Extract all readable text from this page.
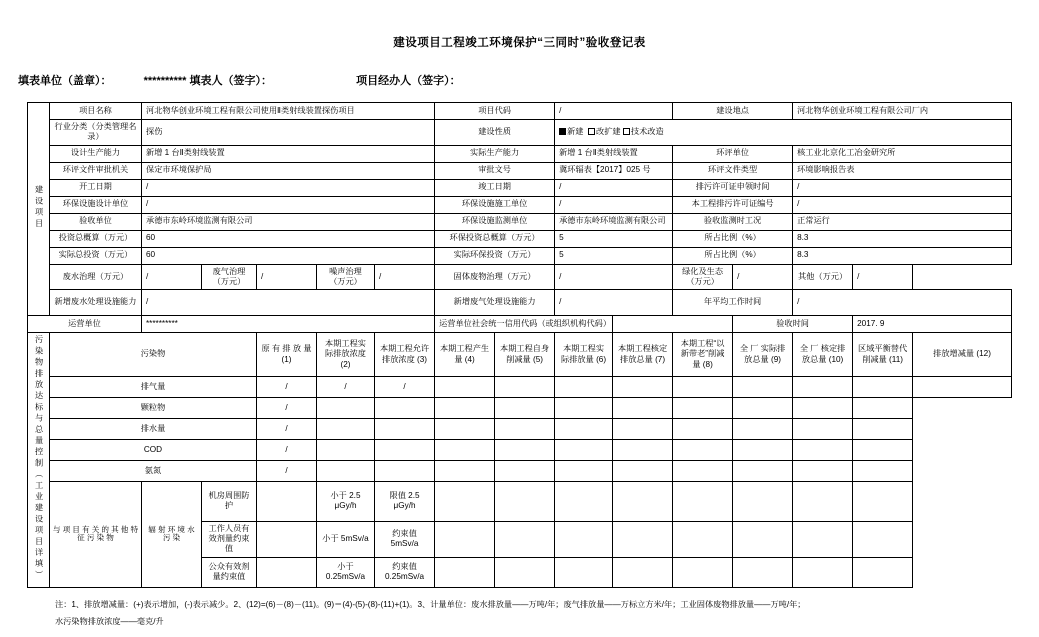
建设项目工程竣工环境保护“三同时”验收登记表
填表单位（盖章）：	********** 填表人（签字）：	项目经办人（签字）：
建设项目	项目名称	河北物华创业环境工程有限公司使用Ⅱ类射线装置探伤项目					项目代码		/		建设地点		河北物华创业环境工程有限公司厂内		
	行业分类（分类管理名录）	探伤					建设性质		新建 改扩建 技术改造						
	设计生产能力	新增 1 台Ⅱ类射线装置					实际生产能力		新增 1 台Ⅱ类射线装置		环评单位		核工业北京化工冶金研究所		
	环评文件审批机关	保定市环境保护局					审批文号		冀环辐表【2017】025 号		环评文件类型		环境影响报告表		
	开工日期	/					竣工日期		/		排污许可证申领时间		/		
	环保设施设计单位	/					环保设施施工单位		/		本工程排污许可证编号		/		
	验收单位	承德市东岭环境监测有限公司					环保设施监测单位		承德市东岭环境监测有限公司		验收监测时工况		正常运行		
	投资总概算（万元）	60					环保投资总概算（万元）		5		所占比例（%）		8.3		
	实际总投资（万元）	60					实际环保投资（万元）		5		所占比例（%）		8.3		
	废水治理（万元）	/	废气治理（万元）	/	噪声治理（万元）	/	固体废物治理（万元）		/		绿化及生态（万元）	/	其他（万元）	/	
	新增废水处理设施能力	/					新增废气处理设施能力		/		年平均工作时间		/		
运营单位		**********					运营单位社会统一信用代码（或组织机构代码）					验收时间		2017. 9	
污染物排放达标与总量控制（工业建设项目详填）	污染物			原 有 排 放 量 (1)	本期工程实际排放浓度 (2)	本期工程允许排放浓度 (3)	本期工程产生量 (4)	本期工程自身削减量 (5)	本期工程实际排放量 (6)	本期工程核定排放总量 (7)	本期工程“以新带老”削减量 (8)	全 厂 实际排放总量 (9)	全 厂 核定排放总量 (10)	区域平衡替代削减量 (11)	排放增减量 (12)
	排气量			/	/	/									
	颗粒物			/											
	排水量			/											
	COD			/											
	氨氮			/											
	与 项 目 有 关 的 其 他 特 征 污 染 物	辐 射 环 境 水 污 染	机房周围防护		小于 2.5 μGy/h	限值 2.5 μGy/h									
			工作人员有效剂量约束值		小于 5mSv/a	约束值 5mSv/a									
			公众有效剂量约束值		小于 0.25mSv/a	约束值 0.25mSv/a									
注：1、排放增减量：(+)表示增加，(-)表示减少。2、(12)=(6)－(8)－(11)。(9)＝(4)-(5)-(8)-(11)+(1)。3、计量单位：废水排放量——万吨/年；废气排放量——万标立方米/年；工业固体废物排放量——万吨/年；
水污染物排放浓度——毫克/升
